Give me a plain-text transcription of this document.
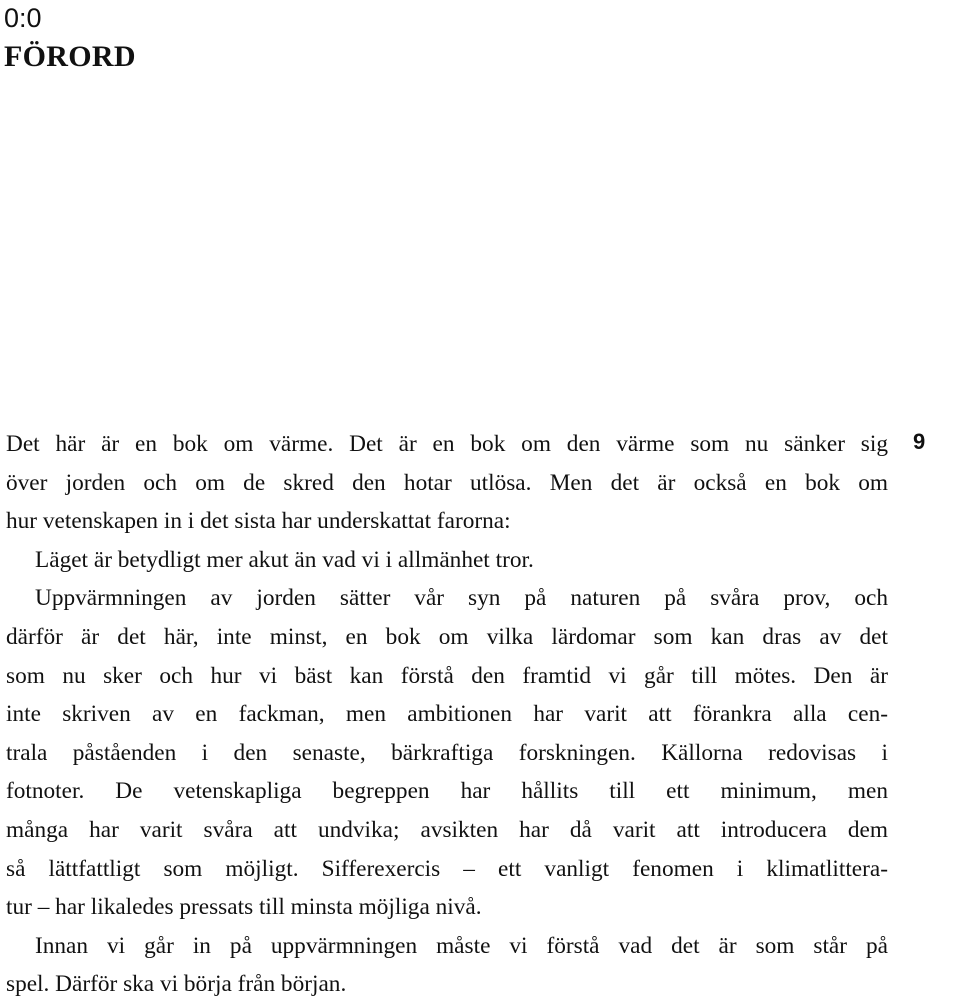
0:0
FÖRORD
9
Det här är en bok om värme. Det är en bok om den värme som nu sänker sig
över jorden och om de skred den hotar utlösa. Men det är också en bok om
hur vetenskapen in i det sista har underskattat farorna:
Läget är betydligt mer akut än vad vi i allmänhet tror.
Uppvärmningen av jorden sätter vår syn på naturen på svåra prov, och
därför är det här, inte minst, en bok om vilka lärdomar som kan dras av det
som nu sker och hur vi bäst kan förstå den framtid vi går till mötes. Den är
inte skriven av en fackman, men ambitionen har varit att förankra alla cen-
trala påståenden i den senaste, bärkraftiga forskningen. Källorna redovisas i
fotnoter. De vetenskapliga begreppen har hållits till ett minimum, men
många har varit svåra att undvika; avsikten har då varit att introducera dem
så lättfattligt som möjligt. Sifferexercis – ett vanligt fenomen i klimatlittera-
tur – har likaledes pressats till minsta möjliga nivå.
Innan vi går in på uppvärmningen måste vi förstå vad det är som står på
spel. Därför ska vi börja från början.
